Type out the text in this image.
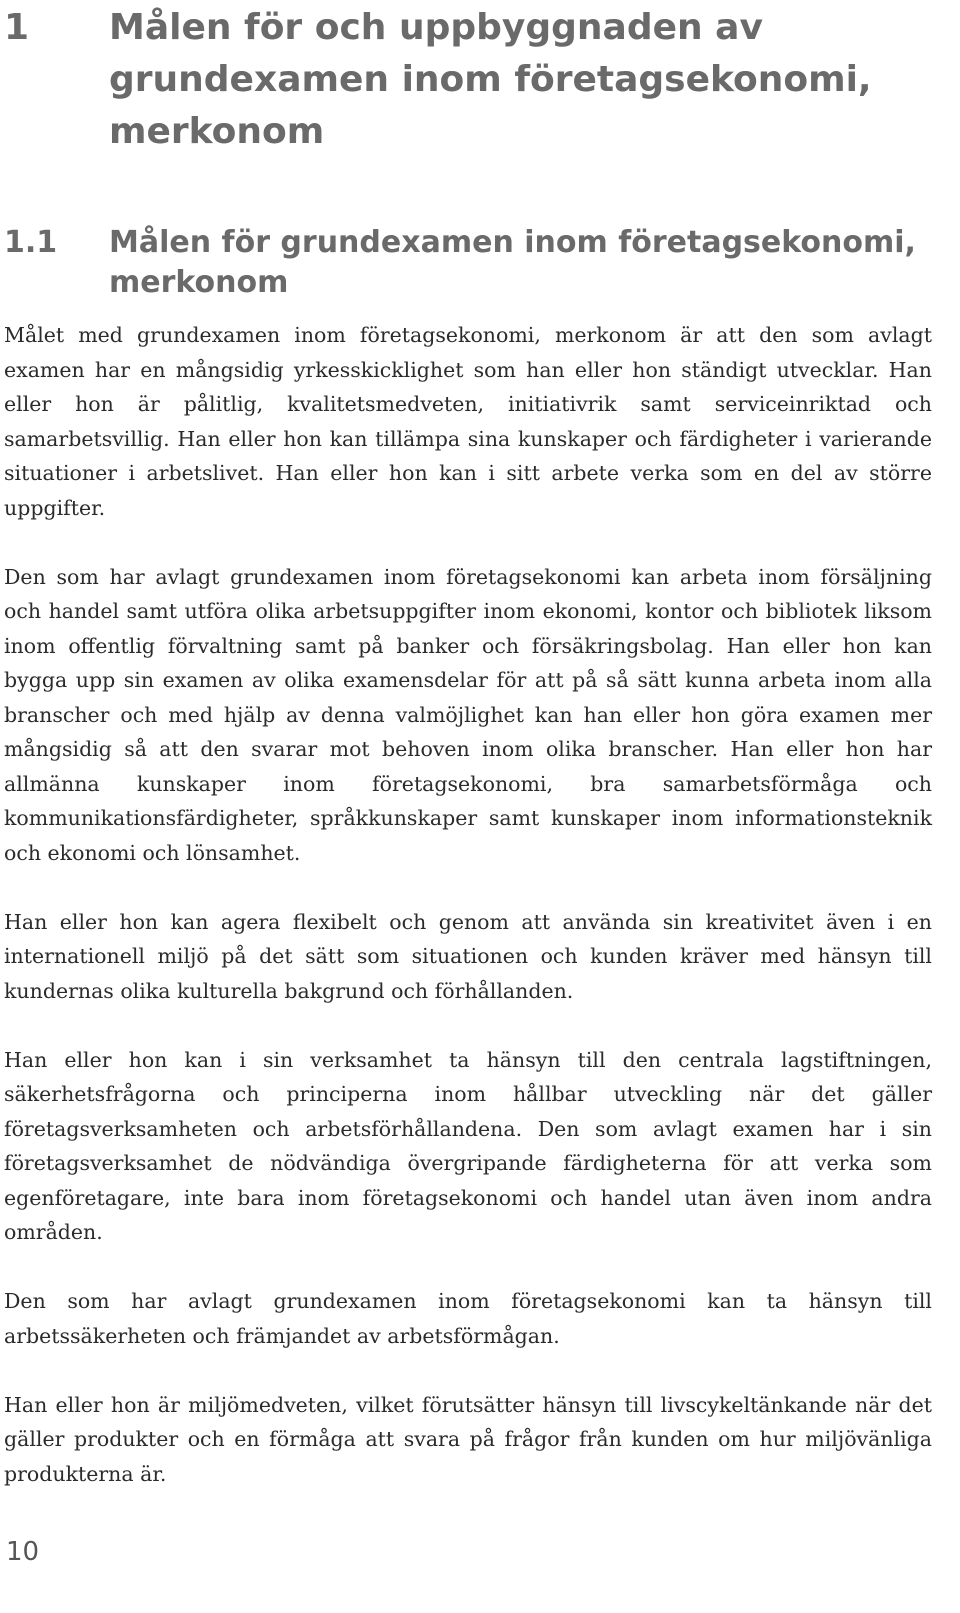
1 Målen för och uppbyggnaden av grundexamen inom företagsekonomi, merkonom
1.1 Målen för grundexamen inom företagsekonomi, merkonom

Målet med grundexamen inom företagsekonomi, merkonom är att den som avlagt examen har en mångsidig yrkesskicklighet som han eller hon ständigt utvecklar. Han eller hon är pålitlig, kvalitetsmedveten, initiativrik samt serviceinriktad och samarbetsvillig. Han eller hon kan tillämpa sina kunskaper och färdigheter i varierande situationer i arbetslivet. Han eller hon kan i sitt arbete verka som en del av större uppgifter.

Den som har avlagt grundexamen inom företagsekonomi kan arbeta inom försäljning och handel samt utföra olika arbetsuppgifter inom ekonomi, kontor och bibliotek liksom inom offentlig förvaltning samt på banker och försäkringsbolag. Han eller hon kan bygga upp sin examen av olika examensdelar för att på så sätt kunna arbeta inom alla branscher och med hjälp av denna valmöjlighet kan han eller hon göra examen mer mångsidig så att den svarar mot behoven inom olika branscher. Han eller hon har allmänna kunskaper inom företagsekonomi, bra samarbetsförmåga och kommunikationsfärdigheter, språkkunskaper samt kunskaper inom informationsteknik och ekonomi och lönsamhet.

Han eller hon kan agera flexibelt och genom att använda sin kreativitet även i en internationell miljö på det sätt som situationen och kunden kräver med hänsyn till kundernas olika kulturella bakgrund och förhållanden.

Han eller hon kan i sin verksamhet ta hänsyn till den centrala lagstiftningen, säkerhetsfrågorna och principerna inom hållbar utveckling när det gäller företagsverksamheten och arbetsförhållandena. Den som avlagt examen har i sin företagsverksamhet de nödvändiga övergripande färdigheterna för att verka som egenföretagare, inte bara inom företagsekonomi och handel utan även inom andra områden.

Den som har avlagt grundexamen inom företagsekonomi kan ta hänsyn till arbetssäkerheten och främjandet av arbetsförmågan.

Han eller hon är miljömedveten, vilket förutsätter hänsyn till livscykeltänkande när det gäller produkter och en förmåga att svara på frågor från kunden om hur miljövänliga produkterna är.

10
